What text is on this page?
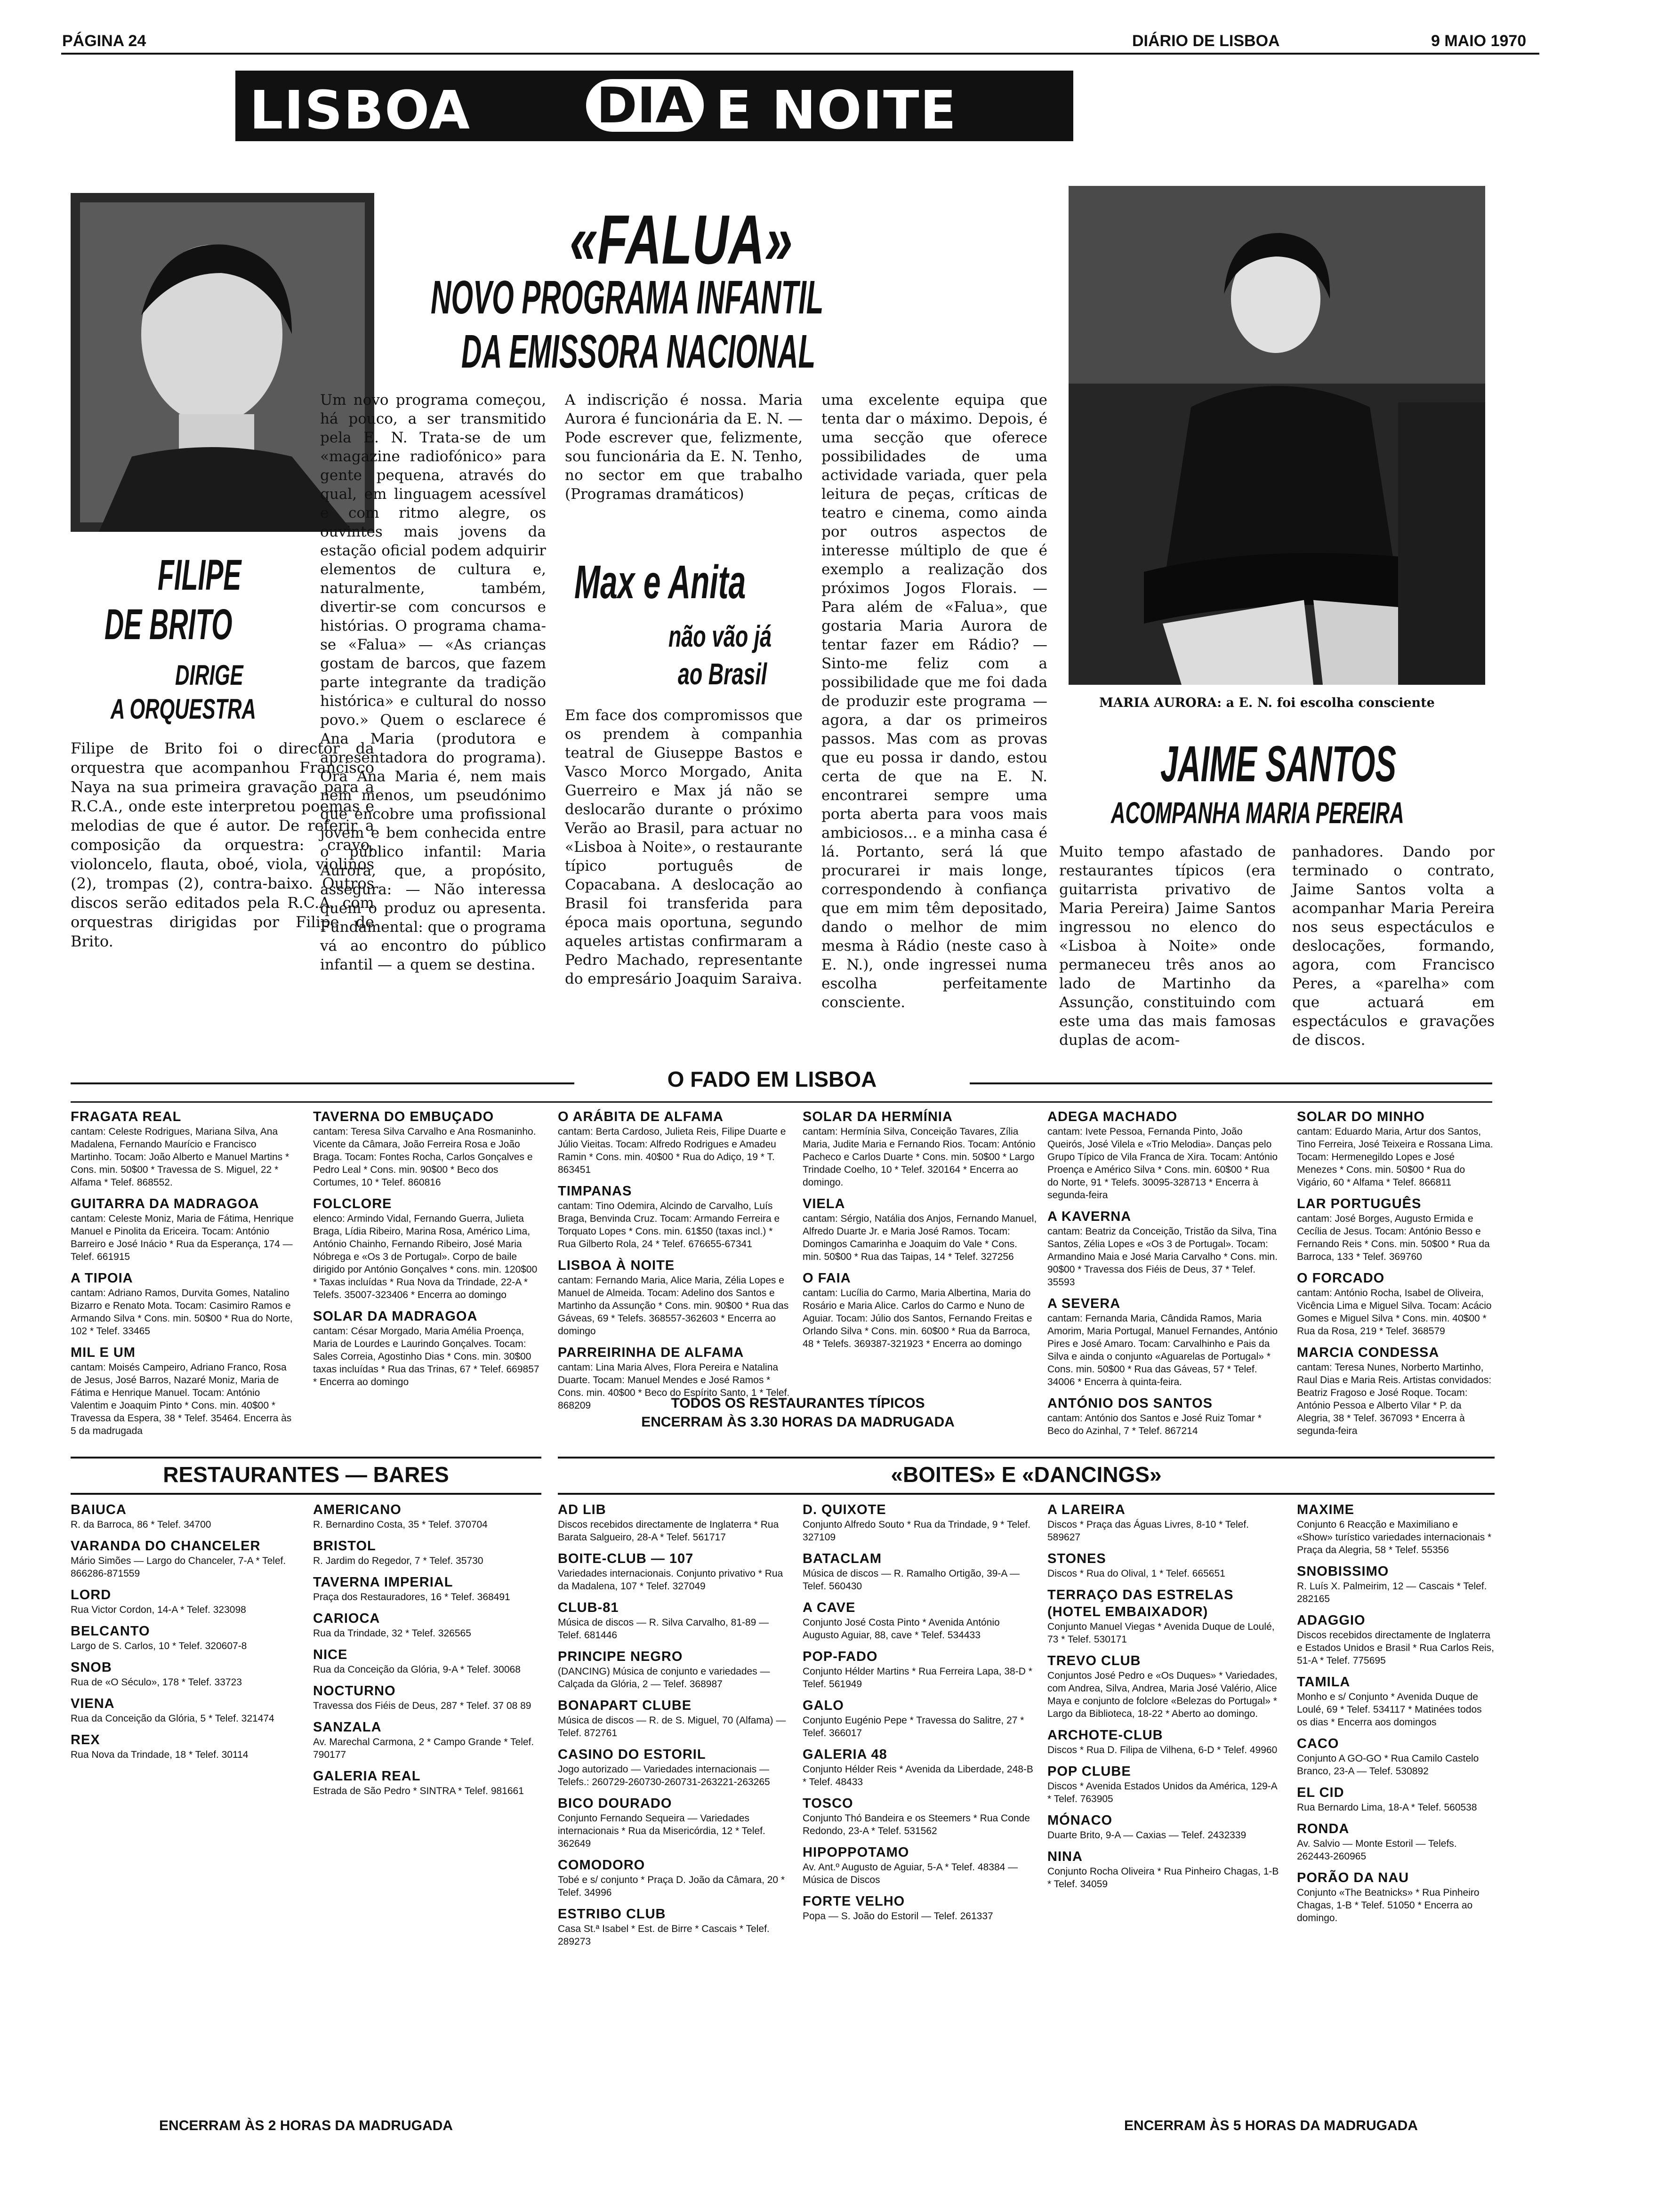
PÁGINA 24	DIÁRIO DE LISBOA	9 MAIO 1970
LISBOA	DIA E NOITE
FILIPE
DE BRITO
DIRIGE
A ORQUESTRA
Filipe de Brito foi o director da orquestra que acompanhou Francisco Naya na sua primeira gravação para a R.C.A., onde este interpretou poemas e melodias de que é autor. De referir a composição da orquestra: cravo, violoncelo, flauta, oboé, viola, violinos (2), trompas (2), contra-baixo. Outros discos serão editados pela R.C.A. com orquestras dirigidas por Filipe de Brito.
«FALUA»
NOVO PROGRAMA INFANTIL
DA EMISSORA NACIONAL
Um novo programa começou, há pouco, a ser transmitido pela E. N. Trata-se de um «magazine radiofónico» para gente pequena, através do qual, em linguagem acessível e com ritmo alegre, os ouvintes mais jovens da estação oficial podem adquirir elementos de cultura e, naturalmente, também, divertir-se com concursos e histórias. O programa chama-se «Falua» — «As crianças gostam de barcos, que fazem parte integrante da tradição histórica» e cultural do nosso povo.» Quem o esclarece é Ana Maria (produtora e apresentadora do programa). Ora Ana Maria é, nem mais nem menos, um pseudónimo que encobre uma profissional jovem e bem conhecida entre o público infantil: Maria Aurora, que, a propósito, assegura: — Não interessa quem o produz ou apresenta. Fundamental: que o programa vá ao encontro do público infantil — a quem se destina.
A indiscrição é nossa. Maria Aurora é funcionária da E. N. — Pode escrever que, felizmente, sou funcionária da E. N. Tenho, no sector em que trabalho (Programas dramáticos)
uma excelente equipa que tenta dar o máximo. Depois, é uma secção que oferece possibilidades de uma actividade variada, quer pela leitura de peças, críticas de teatro e cinema, como ainda por outros aspectos de interesse múltiplo de que é exemplo a realização dos próximos Jogos Florais. — Para além de «Falua», que gostaria Maria Aurora de tentar fazer em Rádio? — Sinto-me feliz com a possibilidade que me foi dada de produzir este programa — agora, a dar os primeiros passos. Mas com as provas que eu possa ir dando, estou certa de que na E. N. encontrarei sempre uma porta aberta para voos mais ambiciosos... e a minha casa é lá. Portanto, será lá que procurarei ir mais longe, correspondendo à confiança que em mim têm depositado, dando o melhor de mim mesma à Rádio (neste caso à E. N.), onde ingressei numa escolha perfeitamente consciente.
Max e Anita
não vão já
ao Brasil
Em face dos compromissos que os prendem à companhia teatral de Giuseppe Bastos e Vasco Morco Morgado, Anita Guerreiro e Max já não se deslocarão durante o próximo Verão ao Brasil, para actuar no «Lisboa à Noite», o restaurante típico português de Copacabana. A deslocação ao Brasil foi transferida para época mais oportuna, segundo aqueles artistas confirmaram a Pedro Machado, representante do empresário Joaquim Saraiva.
MARIA AURORA: a E. N. foi escolha consciente
JAIME SANTOS
ACOMPANHA MARIA PEREIRA
Muito tempo afastado de restaurantes típicos (era guitarrista privativo de Maria Pereira) Jaime Santos ingressou no elenco do «Lisboa à Noite» onde permaneceu três anos ao lado de Martinho da Assunção, constituindo com este uma das mais famosas duplas de acom-
panhadores. Dando por terminado o contrato, Jaime Santos volta a acompanhar Maria Pereira nos seus espectáculos e deslocações, formando, agora, com Francisco Peres, a «parelha» com que actuará em espectáculos e gravações de discos.
O FADO EM LISBOA
FRAGATA REAL
cantam: Celeste Rodrigues, Mariana Silva, Ana Madalena, Fernando Maurício e Francisco Martinho. Tocam: João Alberto e Manuel Martins * Cons. min. 50$00 * Travessa de S. Miguel, 22 * Alfama * Telef. 868552.
GUITARRA DA MADRAGOA
cantam: Celeste Moniz, Maria de Fátima, Henrique Manuel e Pinolita da Ericeira. Tocam: António Barreiro e José Inácio * Rua da Esperança, 174 — Telef. 661915
A TIPOIA
cantam: Adriano Ramos, Durvita Gomes, Natalino Bizarro e Renato Mota. Tocam: Casimiro Ramos e Armando Silva * Cons. min. 50$00 * Rua do Norte, 102 * Telef. 33465
MIL E UM
cantam: Moisés Campeiro, Adriano Franco, Rosa de Jesus, José Barros, Nazaré Moniz, Maria de Fátima e Henrique Manuel. Tocam: António Valentim e Joaquim Pinto * Cons. min. 40$00 * Travessa da Espera, 38 * Telef. 35464. Encerra às 5 da madrugada
TAVERNA DO EMBUÇADO
cantam: Teresa Silva Carvalho e Ana Rosmaninho. Vicente da Câmara, João Ferreira Rosa e João Braga. Tocam: Fontes Rocha, Carlos Gonçalves e Pedro Leal * Cons. min. 90$00 * Beco dos Cortumes, 10 * Telef. 860816
FOLCLORE
elenco: Armindo Vidal, Fernando Guerra, Julieta Braga, Lídia Ribeiro, Marina Rosa, Américo Lima, António Chainho, Fernando Ribeiro, José Maria Nóbrega e «Os 3 de Portugal». Corpo de baile dirigido por António Gonçalves * cons. min. 120$00 * Taxas incluídas * Rua Nova da Trindade, 22-A * Telefs. 35007-323406 * Encerra ao domingo
SOLAR DA MADRAGOA
cantam: César Morgado, Maria Amélia Proença, Maria de Lourdes e Laurindo Gonçalves. Tocam: Sales Correia, Agostinho Dias * Cons. min. 30$00 taxas incluídas * Rua das Trinas, 67 * Telef. 669857 * Encerra ao domingo
O ARÁBITA DE ALFAMA
cantam: Berta Cardoso, Julieta Reis, Filipe Duarte e Júlio Vieitas. Tocam: Alfredo Rodrigues e Amadeu Ramin * Cons. min. 40$00 * Rua do Adiço, 19 * T. 863451
TIMPANAS
cantam: Tino Odemira, Alcindo de Carvalho, Luís Braga, Benvinda Cruz. Tocam: Armando Ferreira e Torquato Lopes * Cons. min. 61$50 (taxas incl.) * Rua Gilberto Rola, 24 * Telef. 676655-67341
LISBOA À NOITE
cantam: Fernando Maria, Alice Maria, Zélia Lopes e Manuel de Almeida. Tocam: Adelino dos Santos e Martinho da Assunção * Cons. min. 90$00 * Rua das Gáveas, 69 * Telefs. 368557-362603 * Encerra ao domingo
PARREIRINHA DE ALFAMA
cantam: Lina Maria Alves, Flora Pereira e Natalina Duarte. Tocam: Manuel Mendes e José Ramos * Cons. min. 40$00 * Beco do Espírito Santo, 1 * Telef. 868209
SOLAR DA HERMÍNIA
cantam: Hermínia Silva, Conceição Tavares, Zília Maria, Judite Maria e Fernando Rios. Tocam: António Pacheco e Carlos Duarte * Cons. min. 50$00 * Largo Trindade Coelho, 10 * Telef. 320164 * Encerra ao domingo.
VIELA
cantam: Sérgio, Natália dos Anjos, Fernando Manuel, Alfredo Duarte Jr. e Maria José Ramos. Tocam: Domingos Camarinha e Joaquim do Vale * Cons. min. 50$00 * Rua das Taipas, 14 * Telef. 327256
O FAIA
cantam: Lucília do Carmo, Maria Albertina, Maria do Rosário e Maria Alice. Carlos do Carmo e Nuno de Aguiar. Tocam: Júlio dos Santos, Fernando Freitas e Orlando Silva * Cons. min. 60$00 * Rua da Barroca, 48 * Telefs. 369387-321923 * Encerra ao domingo
ADEGA MACHADO
cantam: Ivete Pessoa, Fernanda Pinto, João Queirós, José Vilela e «Trio Melodia». Danças pelo Grupo Típico de Vila Franca de Xira. Tocam: António Proença e Américo Silva * Cons. min. 60$00 * Rua do Norte, 91 * Telefs. 30095-328713 * Encerra à segunda-feira
A KAVERNA
cantam: Beatriz da Conceição, Tristão da Silva, Tina Santos, Zélia Lopes e «Os 3 de Portugal». Tocam: Armandino Maia e José Maria Carvalho * Cons. min. 90$00 * Travessa dos Fiéis de Deus, 37 * Telef. 35593
A SEVERA
cantam: Fernanda Maria, Cândida Ramos, Maria Amorim, Maria Portugal, Manuel Fernandes, António Pires e José Amaro. Tocam: Carvalhinho e Pais da Silva e ainda o conjunto «Aguarelas de Portugal» * Cons. min. 50$00 * Rua das Gáveas, 57 * Telef. 34006 * Encerra à quinta-feira.
ANTÓNIO DOS SANTOS
cantam: António dos Santos e José Ruiz Tomar * Beco do Azinhal, 7 * Telef. 867214
SOLAR DO MINHO
cantam: Eduardo Maria, Artur dos Santos, Tino Ferreira, José Teixeira e Rossana Lima. Tocam: Hermenegildo Lopes e José Menezes * Cons. min. 50$00 * Rua do Vigário, 60 * Alfama * Telef. 866811
LAR PORTUGUÊS
cantam: José Borges, Augusto Ermida e Cecília de Jesus. Tocam: António Besso e Fernando Reis * Cons. min. 50$00 * Rua da Barroca, 133 * Telef. 369760
O FORCADO
cantam: António Rocha, Isabel de Oliveira, Vicência Lima e Miguel Silva. Tocam: Acácio Gomes e Miguel Silva * Cons. min. 40$00 * Rua da Rosa, 219 * Telef. 368579
MARCIA CONDESSA
cantam: Teresa Nunes, Norberto Martinho, Raul Dias e Maria Reis. Artistas convidados: Beatriz Fragoso e José Roque. Tocam: António Pessoa e Alberto Vilar * P. da Alegria, 38 * Telef. 367093 * Encerra à segunda-feira
TODOS OS RESTAURANTES TÍPICOS
ENCERRAM ÀS 3.30 HORAS DA MADRUGADA
RESTAURANTES — BARES
BAIUCA
R. da Barroca, 86 * Telef. 34700
VARANDA DO CHANCELER
Mário Simões — Largo do Chanceler, 7-A * Telef. 866286-871559
LORD
Rua Victor Cordon, 14-A * Telef. 323098
BELCANTO
Largo de S. Carlos, 10 * Telef. 320607-8
SNOB
Rua de «O Século», 178 * Telef. 33723
VIENA
Rua da Conceição da Glória, 5 * Telef. 321474
REX
Rua Nova da Trindade, 18 * Telef. 30114
AMERICANO
R. Bernardino Costa, 35 * Telef. 370704
BRISTOL
R. Jardim do Regedor, 7 * Telef. 35730
TAVERNA IMPERIAL
Praça dos Restauradores, 16 * Telef. 368491
CARIOCA
Rua da Trindade, 32 * Telef. 326565
NICE
Rua da Conceição da Glória, 9-A * Telef. 30068
NOCTURNO
Travessa dos Fiéis de Deus, 287 * Telef. 37 08 89
SANZALA
Av. Marechal Carmona, 2 * Campo Grande * Telef. 790177
GALERIA REAL
Estrada de São Pedro * SINTRA * Telef. 981661
ENCERRAM ÀS 2 HORAS DA MADRUGADA
«BOITES» E «DANCINGS»
AD LIB
Discos recebidos directamente de Inglaterra * Rua Barata Salgueiro, 28-A * Telef. 561717
BOITE-CLUB — 107
Variedades internacionais. Conjunto privativo * Rua da Madalena, 107 * Telef. 327049
CLUB-81
Música de discos — R. Silva Carvalho, 81-89 — Telef. 681446
PRINCIPE NEGRO
(DANCING) Música de conjunto e variedades — Calçada da Glória, 2 — Telef. 368987
BONAPART CLUBE
Música de discos — R. de S. Miguel, 70 (Alfama) — Telef. 872761
CASINO DO ESTORIL
Jogo autorizado — Variedades internacionais — Telefs.: 260729-260730-260731-263221-263265
BICO DOURADO
Conjunto Fernando Sequeira — Variedades internacionais * Rua da Misericórdia, 12 * Telef. 362649
COMODORO
Tobé e s/ conjunto * Praça D. João da Câmara, 20 * Telef. 34996
ESTRIBO CLUB
Casa St.ª Isabel * Est. de Birre * Cascais * Telef. 289273
D. QUIXOTE
Conjunto Alfredo Souto * Rua da Trindade, 9 * Telef. 327109
BATACLAM
Música de discos — R. Ramalho Ortigão, 39-A — Telef. 560430
A CAVE
Conjunto José Costa Pinto * Avenida António Augusto Aguiar, 88, cave * Telef. 534433
POP-FADO
Conjunto Hélder Martins * Rua Ferreira Lapa, 38-D * Telef. 561949
GALO
Conjunto Eugénio Pepe * Travessa do Salitre, 27 * Telef. 366017
GALERIA 48
Conjunto Hélder Reis * Avenida da Liberdade, 248-B * Telef. 48433
TOSCO
Conjunto Thó Bandeira e os Steemers * Rua Conde Redondo, 23-A * Telef. 531562
HIPOPPOTAMO
Av. Ant.º Augusto de Aguiar, 5-A * Telef. 48384 — Música de Discos
FORTE VELHO
Popa — S. João do Estoril — Telef. 261337
A LAREIRA
Discos * Praça das Águas Livres, 8-10 * Telef. 589627
STONES
Discos * Rua do Olival, 1 * Telef. 665651
TERRAÇO DAS ESTRELAS (HOTEL EMBAIXADOR)
Conjunto Manuel Viegas * Avenida Duque de Loulé, 73 * Telef. 530171
TREVO CLUB
Conjuntos José Pedro e «Os Duques» * Variedades, com Andrea, Silva, Andrea, Maria José Valério, Alice Maya e conjunto de folclore «Belezas do Portugal» * Largo da Biblioteca, 18-22 * Aberto ao domingo.
ARCHOTE-CLUB
Discos * Rua D. Filipa de Vilhena, 6-D * Telef. 49960
POP CLUBE
Discos * Avenida Estados Unidos da América, 129-A * Telef. 763905
MÓNACO
Duarte Brito, 9-A — Caxias — Telef. 2432339
NINA
Conjunto Rocha Oliveira * Rua Pinheiro Chagas, 1-B * Telef. 34059
MAXIME
Conjunto 6 Reacção e Maximiliano e «Show» turístico variedades internacionais * Praça da Alegria, 58 * Telef. 55356
SNOBISSIMO
R. Luís X. Palmeirim, 12 — Cascais * Telef. 282165
ADAGGIO
Discos recebidos directamente de Inglaterra e Estados Unidos e Brasil * Rua Carlos Reis, 51-A * Telef. 775695
TAMILA
Monho e s/ Conjunto * Avenida Duque de Loulé, 69 * Telef. 534117 * Matinées todos os dias * Encerra aos domingos
CACO
Conjunto A GO-GO * Rua Camilo Castelo Branco, 23-A — Telef. 530892
EL CID
Rua Bernardo Lima, 18-A * Telef. 560538
RONDA
Av. Salvio — Monte Estoril — Telefs. 262443-260965
PORÃO DA NAU
Conjunto «The Beatnicks» * Rua Pinheiro Chagas, 1-B * Telef. 51050 * Encerra ao domingo.
ENCERRAM ÀS 5 HORAS DA MADRUGADA
